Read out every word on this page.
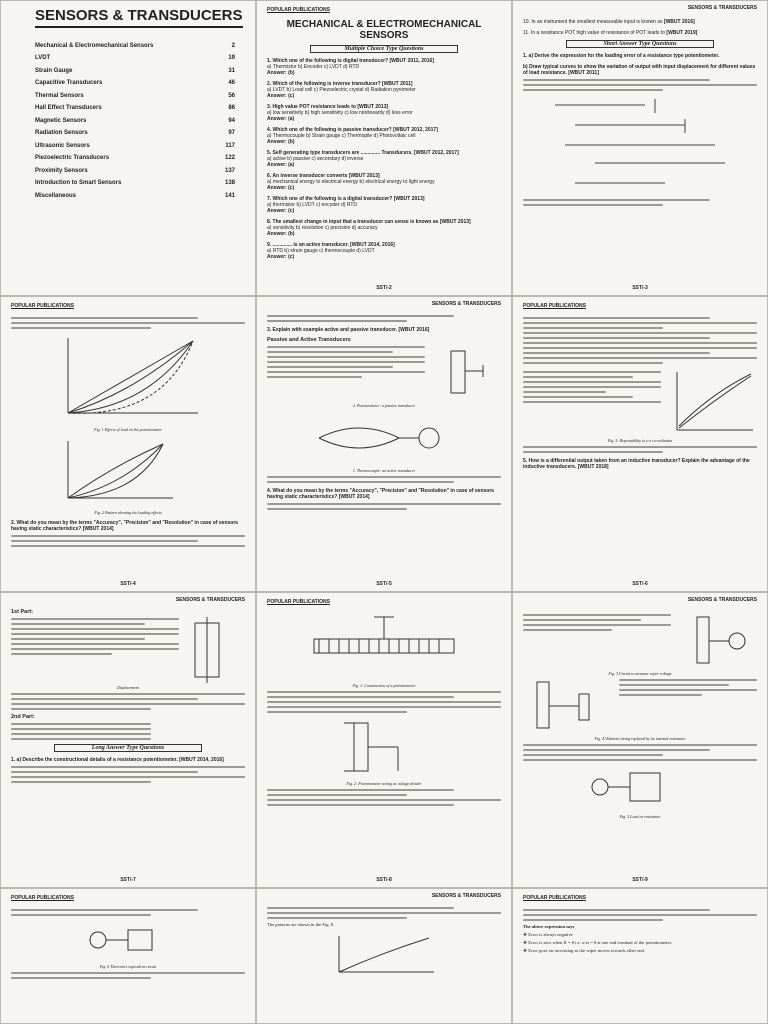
SENSORS & TRANSDUCERS
Mechanical & Electromechanical Sensors	2
LVDT	19
Strain Gauge	31
Capacitive Transducers	46
Thermal Sensors	56
Hall Effect Transducers	86
Magnetic Sensors	94
Radiation Sensors	97
Ultrasonic Sensors	117
Piezoelectric Transducers	122
Proximity Sensors	137
Introduction to Smart Sensors	138
Miscellaneous	141
POPULAR PUBLICATIONS
MECHANICAL & ELECTROMECHANICAL SENSORS
Multiple Choice Type Questions
1. Which one of the following is digital transducer? [WBUT 2011, 2016]
a) Thermistor b) Encoder c) LVDT d) RTD
Answer: (b)
2. Which of the following is inverse transducer? [WBUT 2011]
a) LVDT b) Load cell c) Piezoelectric crystal d) Radiation pyrometer
Answer: (c)
3. High value POT resistance leads to [WBUT 2013]
a) low sensitivity b) high sensitivity c) low nonlinearity d) less error
Answer: (a)
4. Which one of the following is passive transducer? [WBUT 2012, 2017]
a) Thermocouple b) Strain gauge c) Thermopile d) Photovoltaic cell
Answer: (b)
5. Self generating type transducers are .............. Transducers. [WBUT 2012, 2017]
a) active b) passive c) secondary d) inverse
Answer: (a)
6. An inverse transducer converts [WBUT 2013]
a) mechanical energy to electrical energy b) electrical energy to light energy
Answer: (c)
7. Which one of the following is a digital transducer? [WBUT 2013]
a) thermistor b) LVDT c) encoder d) RTD
Answer: (c)
8. The smallest change in input that a transducer can sense is known as [WBUT 2013]
a) sensitivity b) resolution c) precision d) accuracy
Answer: (b)
9. .............. is an active transducer. [WBUT 2014, 2016]
a) RTD b) strain gauge c) thermocouple d) LVDT
Answer: (c)
SST/-2
SENSORS & TRANSDUCERS
10. In an instrument the smallest measurable input is known as [WBUT 2016]
11. In a resistance POT high value of resistance of POT leads to [WBUT 2019]
Short Answer Type Questions
1. a) Derive the expression for the loading error of a resistance type potentiometer.
b) Draw typical curves to show the variation of output with input displacement for different values of load resistance. [WBUT 2011]
SST/-3
POPULAR PUBLICATIONS
Fig. 1 Effects of load on the potentiometer
Fig. 2 Pattern showing the loading effects
2. What do you mean by the terms "Accuracy", "Precision" and "Resolution" in case of sensors having static characteristics? [WBUT 2014]
SST/-4
SENSORS & TRANSDUCERS
3. Explain with example active and passive transducer. [WBUT 2016]
Passive and Active Transducers
2. Potentiometer: a passive transducer
1. Thermocouple: an active transducer
4. What do you mean by the terms "Accuracy", "Precision" and "Resolution" in case of sensors having static characteristics? [WBUT 2014]
SST/-5
POPULAR PUBLICATIONS
Fig. 5: Repeatability in y-x co-ordinates
5. How is a differential output taken from an inductive transducer? Explain the advantage of the inductive transducers. [WBUT 2018]
SST/-6
SENSORS & TRANSDUCERS
1st Part:
Displacement
2nd Part:
Long Answer Type Questions
1. a) Describe the constructional details of a resistance potentiometer. [WBUT 2014, 2016]
SST/-7
POPULAR PUBLICATIONS
Fig. 1: Construction of a potentiometer
Fig. 2: Potentiometer acting as voltage divider
SST/-8
SENSORS & TRANSDUCERS
Fig. 3 Circuit to measure wiper voltage
Fig. 4 Voltmeter being replaced by its internal resistance
Fig. 5 Load on resistance
SST/-9
POPULAR PUBLICATIONS
Fig. 6 Thevenin's equivalent circuit
SENSORS & TRANSDUCERS
The patterns are shown in the Fig. 8.
POPULAR PUBLICATIONS
The above expression says
❖ Error is always negative
❖ Error is zero when K = 0 i.e. x/xt = 0 at one end terminal of the potentiometer.
❖ Error goes on increasing as the wiper moves towards other end.
